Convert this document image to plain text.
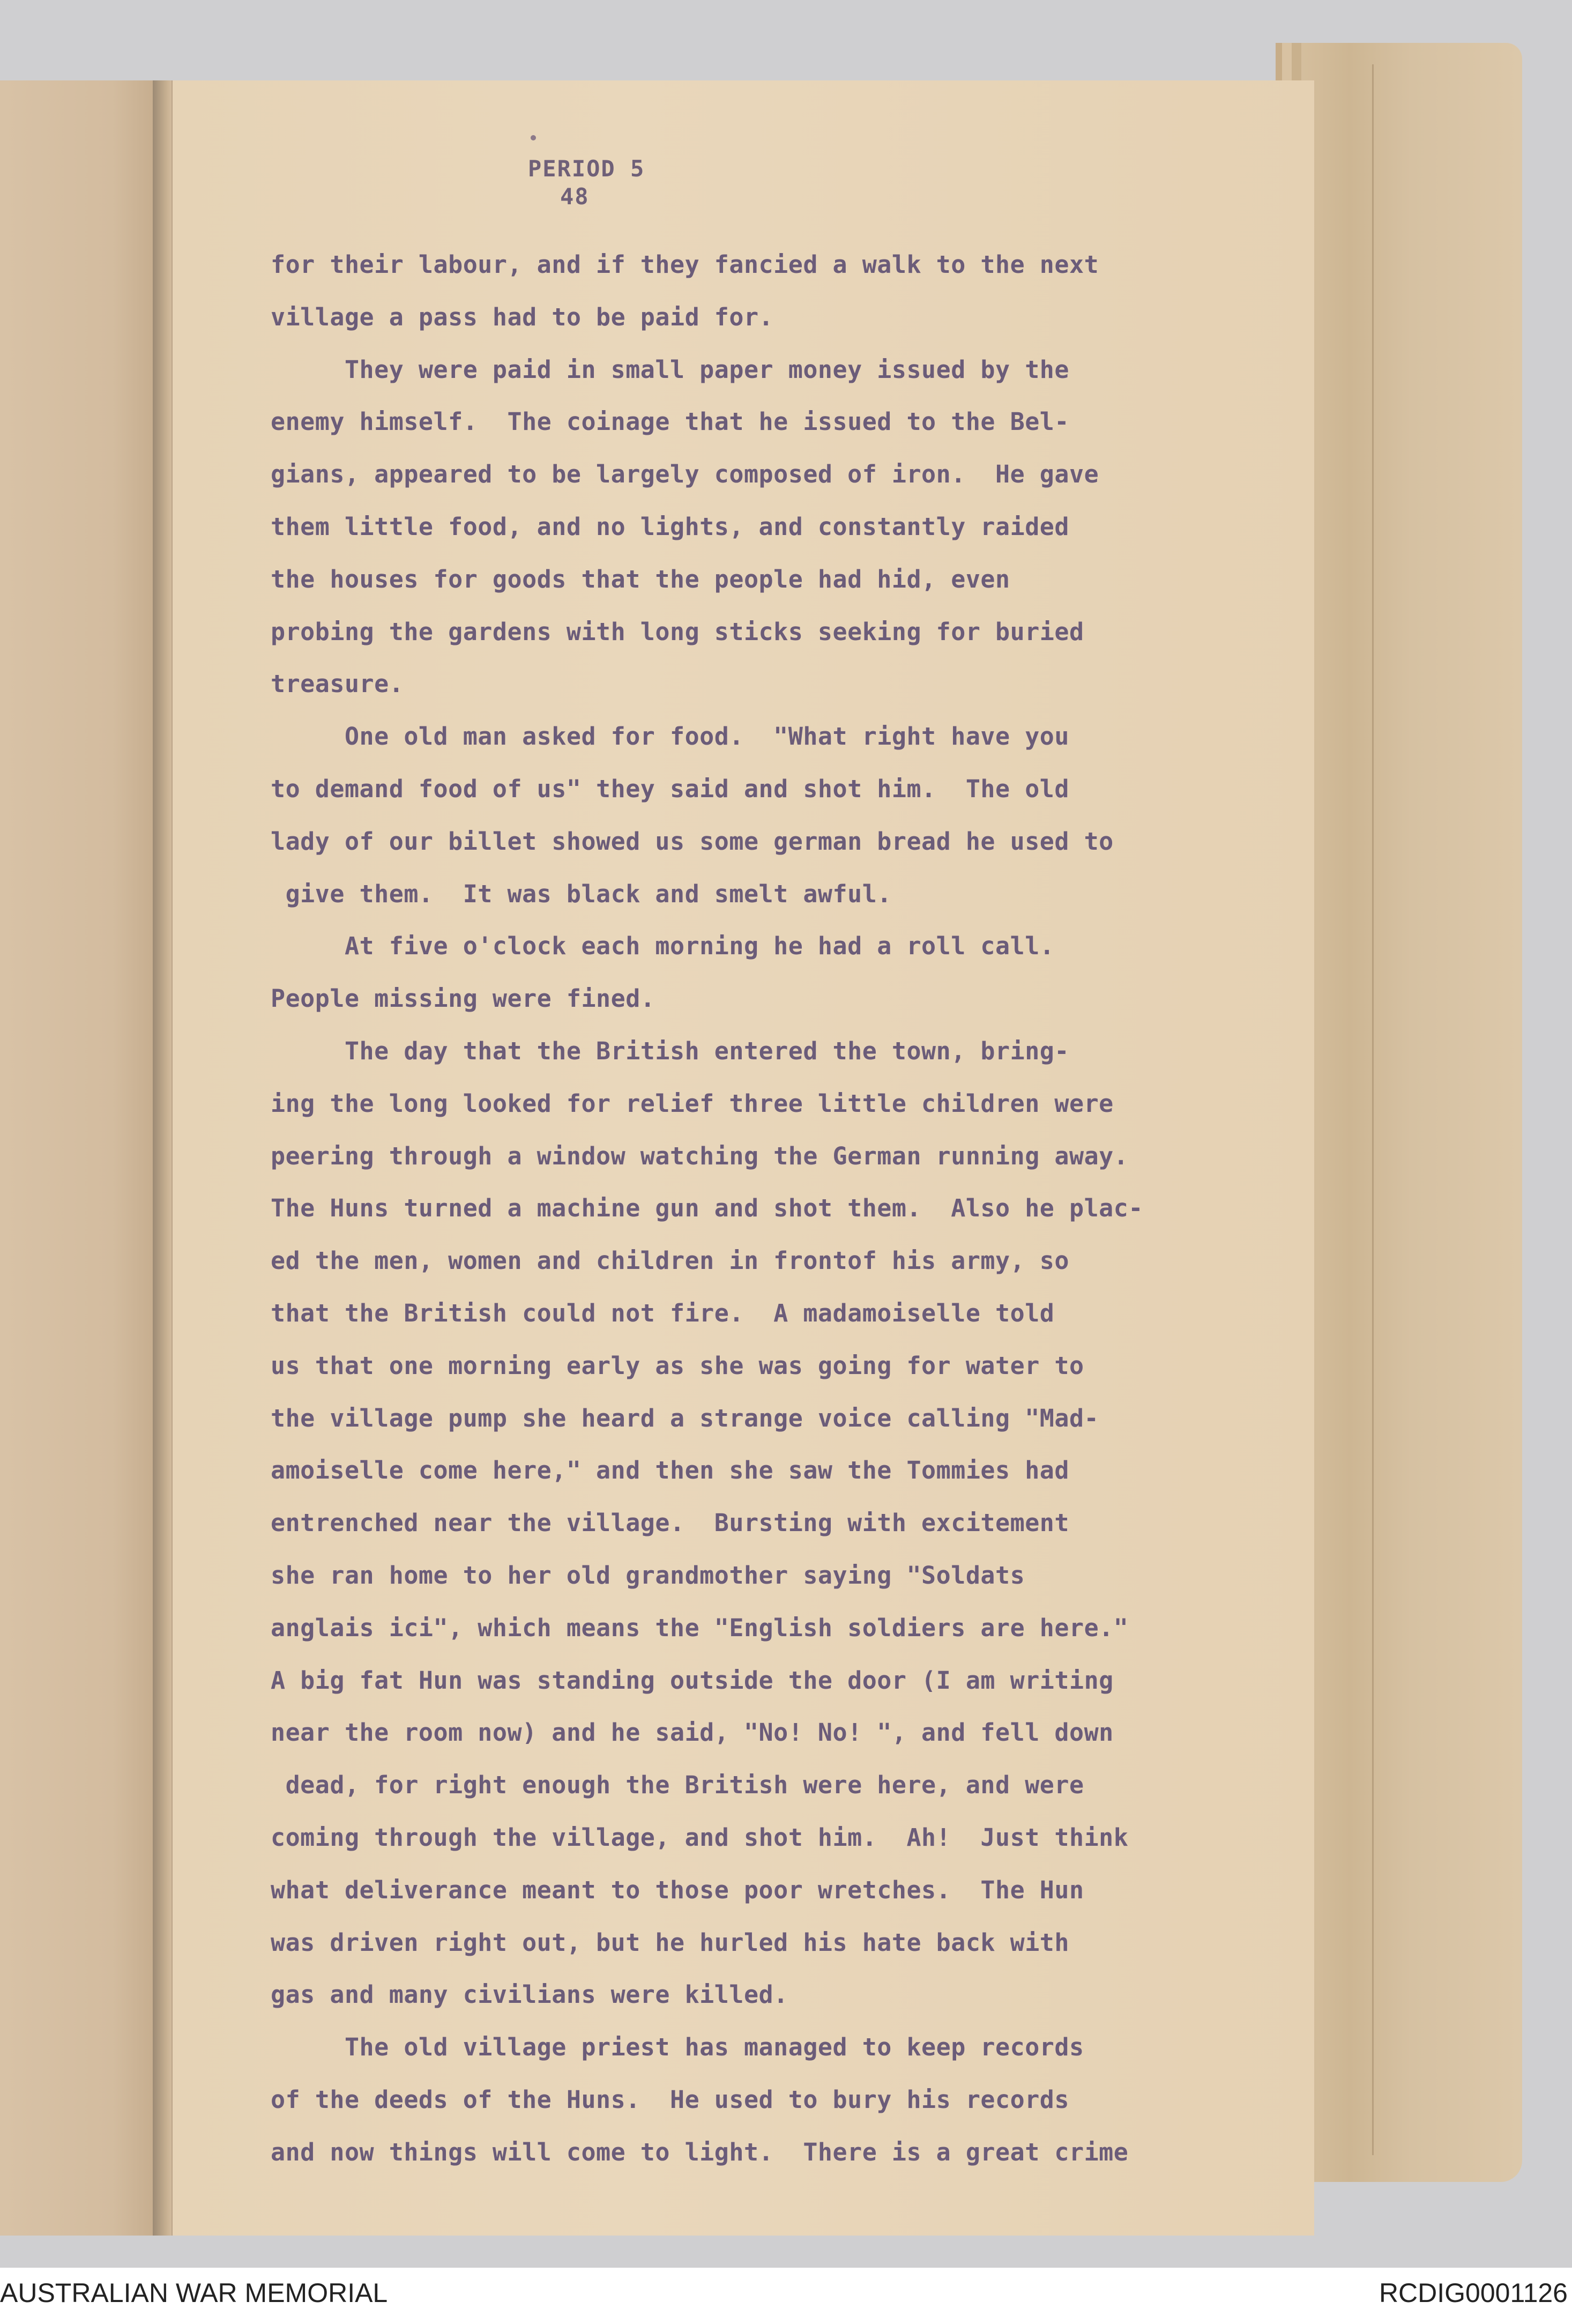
PERIOD 5
48
for their labour, and if they fancied a walk to the next
village a pass had to be paid for.
They were paid in small paper money issued by the
enemy himself.  The coinage that he issued to the Bel-
gians, appeared to be largely composed of iron.  He gave
them little food, and no lights, and constantly raided
the houses for goods that the people had hid, even
probing the gardens with long sticks seeking for buried
treasure.
One old man asked for food.  "What right have you
to demand food of us" they said and shot him.  The old
lady of our billet showed us some german bread he used to
give them.  It was black and smelt awful.
At five o'clock each morning he had a roll call.
People missing were fined.
The day that the British entered the town, bring-
ing the long looked for relief three little children were
peering through a window watching the German running away.
The Huns turned a machine gun and shot them.  Also he plac-
ed the men, women and children in frontof his army, so
that the British could not fire.  A madamoiselle told
us that one morning early as she was going for water to
the village pump she heard a strange voice calling "Mad-
amoiselle come here," and then she saw the Tommies had
entrenched near the village.  Bursting with excitement
she ran home to her old grandmother saying "Soldats
anglais ici", which means the "English soldiers are here."
A big fat Hun was standing outside the door (I am writing
near the room now) and he said, "No! No! ", and fell down
dead, for right enough the British were here, and were
coming through the village, and shot him.  Ah!  Just think
what deliverance meant to those poor wretches.  The Hun
was driven right out, but he hurled his hate back with
gas and many civilians were killed.
The old village priest has managed to keep records
of the deeds of the Huns.  He used to bury his records
and now things will come to light.  There is a great crime
AUSTRALIAN WAR MEMORIAL	RCDIG0001126
